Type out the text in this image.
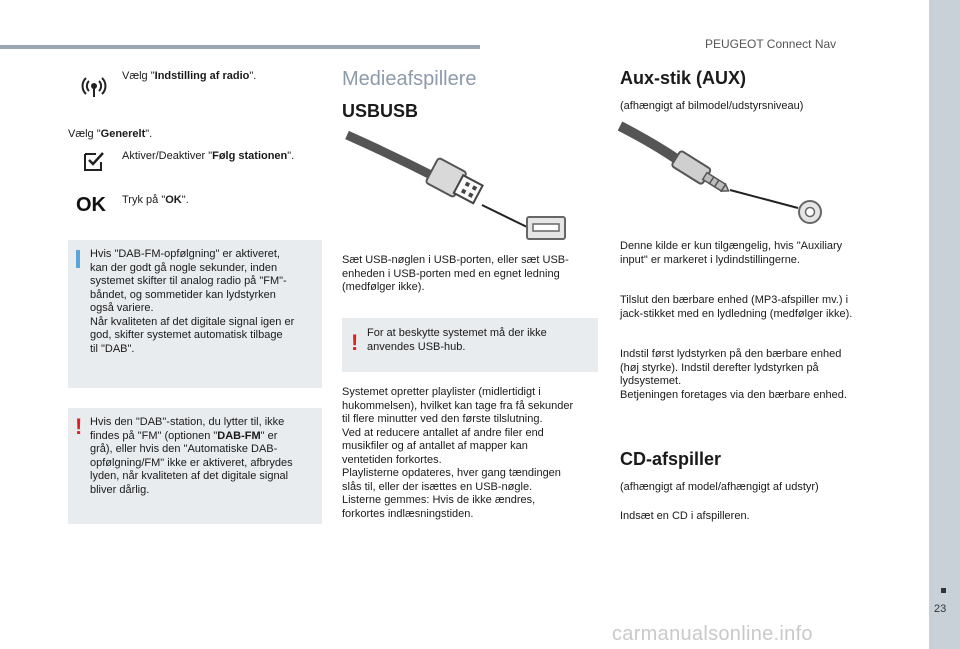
PEUGEOT Connect Nav
23
carmanualsonline.info
Vælg "Indstilling af radio".
Vælg "Generelt".
Aktiver/Deaktiver "Følg stationen".
OK Tryk på "OK".
Hvis "DAB-FM-opfølgning" er aktiveret,
kan der godt gå nogle sekunder, inden
systemet skifter til analog radio på "FM"-
båndet, og sommetider kan lydstyrken
også variere.
Når kvaliteten af det digitale signal igen er
god, skifter systemet automatisk tilbage
til "DAB".
! Hvis den "DAB"-station, du lytter til, ikke
findes på "FM" (optionen "DAB-FM" er
grå), eller hvis den "Automatiske DAB-
opfølgning/FM" ikke er aktiveret, afbrydes
lyden, når kvaliteten af det digitale signal
bliver dårlig.
Medieafspillere
USBUSB
Sæt USB-nøglen i USB-porten, eller sæt USB-
enheden i USB-porten med en egnet ledning
(medfølger ikke).
! For at beskytte systemet må der ikke
anvendes USB-hub.
Systemet opretter playlister (midlertidigt i
hukommelsen), hvilket kan tage fra få sekunder
til flere minutter ved den første tilslutning.
Ved at reducere antallet af andre filer end
musikfiler og af antallet af mapper kan
ventetiden forkortes.
Playlisterne opdateres, hver gang tændingen
slås til, eller der isættes en USB-nøgle.
Listerne gemmes: Hvis de ikke ændres,
forkortes indlæsningstiden.
Aux-stik (AUX)
(afhængigt af bilmodel/udstyrsniveau)
Denne kilde er kun tilgængelig, hvis "Auxiliary
input" er markeret i lydindstillingerne.
Tilslut den bærbare enhed (MP3-afspiller mv.) i
jack-stikket med en lydledning (medfølger ikke).
Indstil først lydstyrken på den bærbare enhed
(høj styrke). Indstil derefter lydstyrken på
lydsystemet.
Betjeningen foretages via den bærbare enhed.
CD-afspiller
(afhængigt af model/afhængigt af udstyr)
Indsæt en CD i afspilleren.
